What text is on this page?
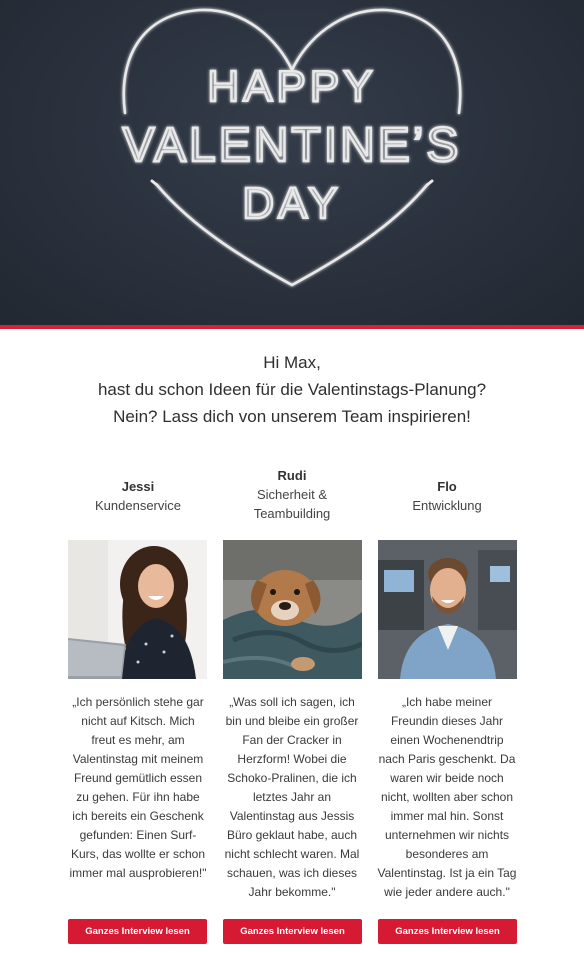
HAPPY
VALENTINE’S
DAY
Hi Max,
hast du schon Ideen für die Valentinstags-Planung?
Nein? Lass dich von unserem Team inspirieren!
Jessi
Kundenservice
„Ich persönlich stehe gar nicht auf Kitsch. Mich freut es mehr, am Valentinstag mit meinem Freund gemütlich essen zu gehen. Für ihn habe ich bereits ein Geschenk gefunden: Einen Surf-Kurs, das wollte er schon immer mal ausprobieren!"
Ganzes Interview lesen
Rudi
Sicherheit & Teambuilding
„Was soll ich sagen, ich bin und bleibe ein großer Fan der Cracker in Herzform! Wobei die Schoko-Pralinen, die ich letztes Jahr an Valentinstag aus Jessis Büro geklaut habe, auch nicht schlecht waren. Mal schauen, was ich dieses Jahr bekomme."
Ganzes Interview lesen
Flo
Entwicklung
„Ich habe meiner Freundin dieses Jahr einen Wochenendtrip nach Paris geschenkt. Da waren wir beide noch nicht, wollten aber schon immer mal hin. Sonst unternehmen wir nichts besonderes am Valentinstag. Ist ja ein Tag wie jeder andere auch."
Ganzes Interview lesen
